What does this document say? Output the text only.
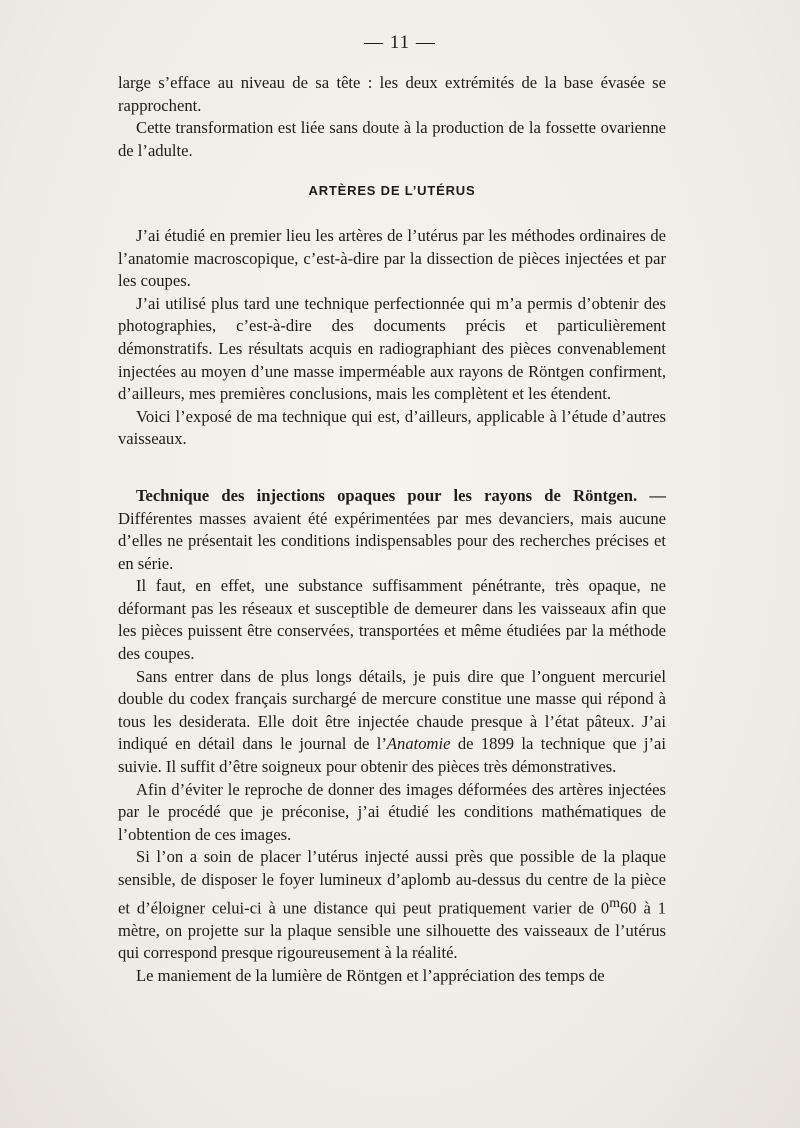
— 11 —

large s’efface au niveau de sa tête : les deux extrémités de la base évasée se rapprochent.

Cette transformation est liée sans doute à la production de la fossette ovarienne de l’adulte.

ARTÈRES DE L’UTÉRUS

J’ai étudié en premier lieu les artères de l’utérus par les méthodes ordinaires de l’anatomie macroscopique, c’est-à-dire par la dissection de pièces injectées et par les coupes.

J’ai utilisé plus tard une technique perfectionnée qui m’a permis d’obtenir des photographies, c’est-à-dire des documents précis et particulièrement démonstratifs. Les résultats acquis en radiographiant des pièces convenablement injectées au moyen d’une masse imperméable aux rayons de Röntgen confirment, d’ailleurs, mes premières conclusions, mais les complètent et les étendent.

Voici l’exposé de ma technique qui est, d’ailleurs, applicable à l’étude d’autres vaisseaux.

Technique des injections opaques pour les rayons de Röntgen. — Différentes masses avaient été expérimentées par mes devanciers, mais aucune d’elles ne présentait les conditions indispensables pour des recherches précises et en série.

Il faut, en effet, une substance suffisamment pénétrante, très opaque, ne déformant pas les réseaux et susceptible de demeurer dans les vaisseaux afin que les pièces puissent être conservées, transportées et même étudiées par la méthode des coupes.

Sans entrer dans de plus longs détails, je puis dire que l’onguent mercuriel double du codex français surchargé de mercure constitue une masse qui répond à tous les desiderata. Elle doit être injectée chaude presque à l’état pâteux. J’ai indiqué en détail dans le journal de l’Anatomie de 1899 la technique que j’ai suivie. Il suffit d’être soigneux pour obtenir des pièces très démonstratives.

Afin d’éviter le reproche de donner des images déformées des artères injectées par le procédé que je préconise, j’ai étudié les conditions mathématiques de l’obtention de ces images.

Si l’on a soin de placer l’utérus injecté aussi près que possible de la plaque sensible, de disposer le foyer lumineux d’aplomb au-dessus du centre de la pièce et d’éloigner celui-ci à une distance qui peut pratiquement varier de 0$^m$60 à 1 mètre, on projette sur la plaque sensible une silhouette des vaisseaux de l’utérus qui correspond presque rigoureusement à la réalité.

Le maniement de la lumière de Röntgen et l’appréciation des temps de
